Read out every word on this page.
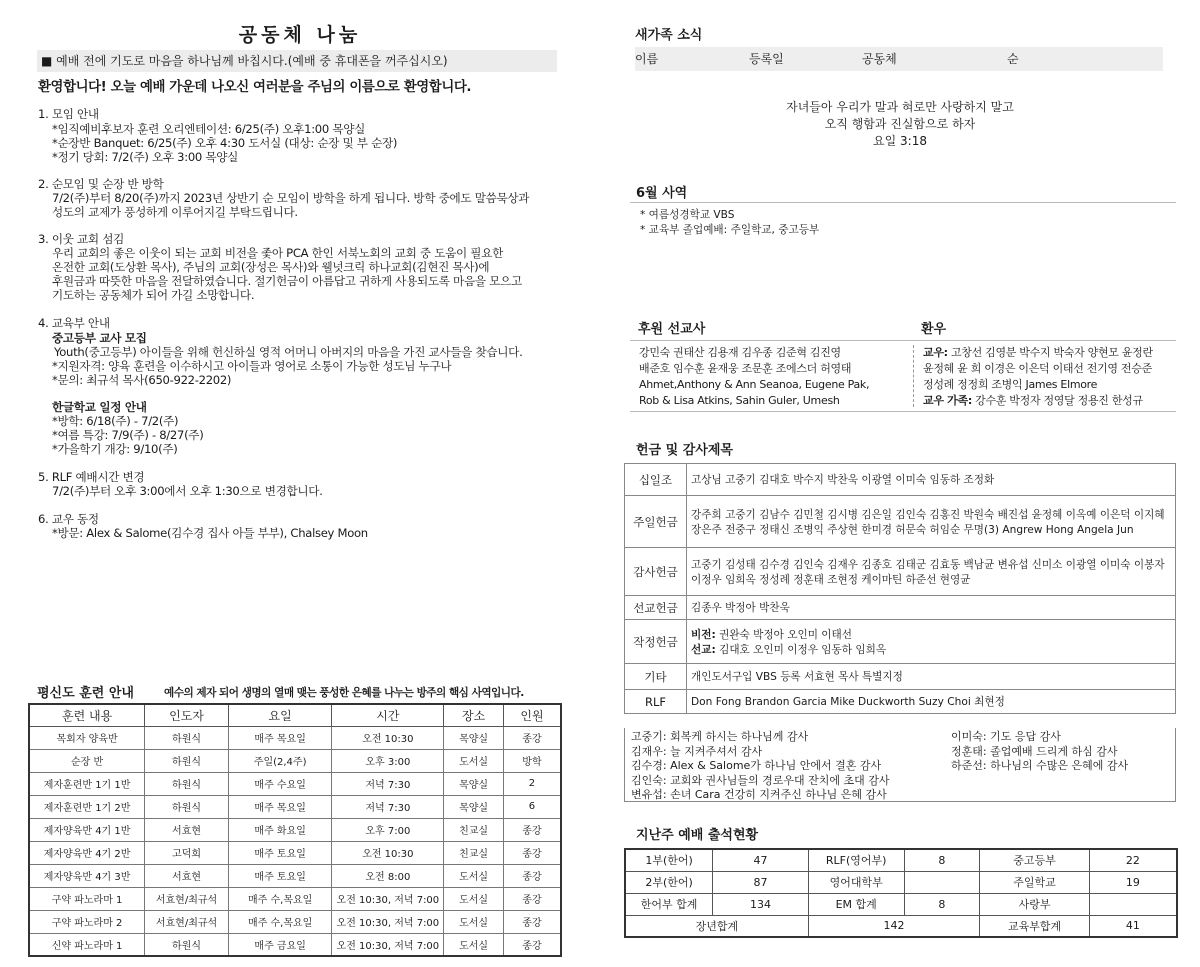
공동체 나눔
■ 예배 전에 기도로 마음을 하나님께 바칩시다.(예배 중 휴대폰을 꺼주십시오)
환영합니다! 오늘 예배 가운데 나오신 여러분을 주님의 이름으로 환영합니다.
1. 모임 안내
*임직예비후보자 훈련 오리엔테이션: 6/25(주) 오후1:00 목양실
*순장반 Banquet: 6/25(주) 오후 4:30 도서실 (대상: 순장 및 부 순장)
*정기 당회: 7/2(주) 오후 3:00 목양실
2. 순모임 및 순장 반 방학
7/2(주)부터 8/20(주)까지 2023년 상반기 순 모임이 방학을 하게 됩니다. 방학 중에도 말씀묵상과
성도의 교제가 풍성하게 이루어지길 부탁드립니다.
3. 이웃 교회 섬김
우리 교회의 좋은 이웃이 되는 교회 비전을 좇아 PCA 한인 서북노회의 교회 중 도움이 필요한
온전한 교회(도상환 목사), 주님의 교회(장성은 목사)와 웰넛크릭 하나교회(김현진 목사)에
후원금과 따뜻한 마음을 전달하였습니다. 절기헌금이 아름답고 귀하게 사용되도록 마음을 모으고
기도하는 공동체가 되어 가길 소망합니다.
4. 교육부 안내
중고등부 교사 모집
Youth(중고등부) 아이들을 위해 헌신하실 영적 어머니 아버지의 마음을 가진 교사들을 찾습니다.
*지원자격: 양육 훈련을 이수하시고 아이들과 영어로 소통이 가능한 성도님 누구나
*문의: 최규석 목사(650-922-2202)
한글학교 일정 안내
*방학: 6/18(주) - 7/2(주)
*여름 특강: 7/9(주) - 8/27(주)
*가을학기 개강: 9/10(주)
5. RLF 예배시간 변경
7/2(주)부터 오후 3:00에서 오후 1:30으로 변경합니다.
6. 교우 동정
*방문: Alex & Salome(김수경 집사 아들 부부), Chalsey Moon
평신도 훈련 안내	예수의 제자 되어 생명의 열매 맺는 풍성한 은혜를 나누는 방주의 핵심 사역입니다.
훈련 내용	인도자	요일	시간	장소	인원
목회자 양육반	하원식	매주 목요일	오전 10:30	목양실	종강
순장 반	하원식	주일(2,4주)	오후 3:00	도서실	방학
제자훈련반 1기 1반	하원식	매주 수요일	저녁 7:30	목양실	2
제자훈련반 1기 2반	하원식	매주 목요일	저녁 7:30	목양실	6
제자양육반 4기 1반	서효현	매주 화요일	오후 7:00	친교실	종강
제자양육반 4기 2반	고덕희	매주 토요일	오전 10:30	친교실	종강
제자양육반 4기 3반	서효현	매주 토요일	오전 8:00	도서실	종강
구약 파노라마 1	서효현/최규석	매주 수,목요일	오전 10:30, 저녁 7:00	도서실	종강
구약 파노라마 2	서효현/최규석	매주 수,목요일	오전 10:30, 저녁 7:00	도서실	종강
신약 파노라마 1	하원식	매주 금요일	오전 10:30, 저녁 7:00	도서실	종강
새가족 소식
이름	등록일	공동체	순
자녀들아 우리가 말과 혀로만 사랑하지 말고
오직 행함과 진실함으로 하자
요일 3:18
6월 사역
* 여름성경학교 VBS
* 교육부 졸업예배: 주일학교, 중고등부
후원 선교사	환우
강민숙 권태산 김용재 김우종 김준혁 김진영
배준호 임수훈 윤재웅 조문훈 조에스더 허영태
Ahmet,Anthony & Ann Seanoa, Eugene Pak,
Rob & Lisa Atkins, Sahin Guler, Umesh
교우: 고창선 김영분 박수지 박숙자 양현모 윤정란
윤정혜 윤 희 이경은 이은덕 이태선 전기영 전승준
정성례 정정희 조병익 James Elmore
교우 가족: 강수훈 박정자 정영달 정용진 한성규
헌금 및 감사제목
고중기: 회복케 하시는 하나님께 감사
김재우: 늘 지켜주셔서 감사
김수경: Alex & Salome가 하나님 안에서 결혼 감사
김인숙: 교회와 권사님들의 경로우대 잔치에 초대 감사
변유섭: 손녀 Cara 건강히 지켜주신 하나님 은혜 감사
이미숙: 기도 응답 감사
정훈태: 졸업예배 드리게 하심 감사
하준선: 하나님의 수많은 은혜에 감사
지난주 예배 출석현황
1부(한어)	47	RLF(영어부)	8	중고등부	22
2부(한어)	87	영어대학부		주일학교	19
한어부 합계	134	EM 합계	8	사랑부	
장년합계		142		교육부합계	41
십일조	고상님 고중기 김대호 박수지 박찬욱 이광열 이미숙 임동하 조정화
주일헌금	강주희 고중기 김남수 김민철 김시병 김은일 김인숙 김홍진 박원숙 배진섭 윤정혜 이옥예 이은덕 이지혜 장은주 전중구 정태신 조병익 주상현 한미경 허문숙 허임순 무명(3) Angrew Hong Angela Jun
감사헌금	고중기 김성태 김수경 김인숙 김재우 김종호 김태군 김효동 백남균 변유섭 신미소 이광열 이미숙 이봉자 이정우 임희옥 정성례 정훈태 조현정 케이마틴 하준선 현영균
선교헌금	김종우 박정아 박찬욱
작정헌금	비전: 권완숙 박정아 오인미 이태선
선교: 김대호 오인미 이정우 임동하 임희옥

기타	개인도서구입 VBS 등록 서효현 목사 특별지정
RLF	Don Fong Brandon Garcia Mike Duckworth Suzy Choi 최현정
